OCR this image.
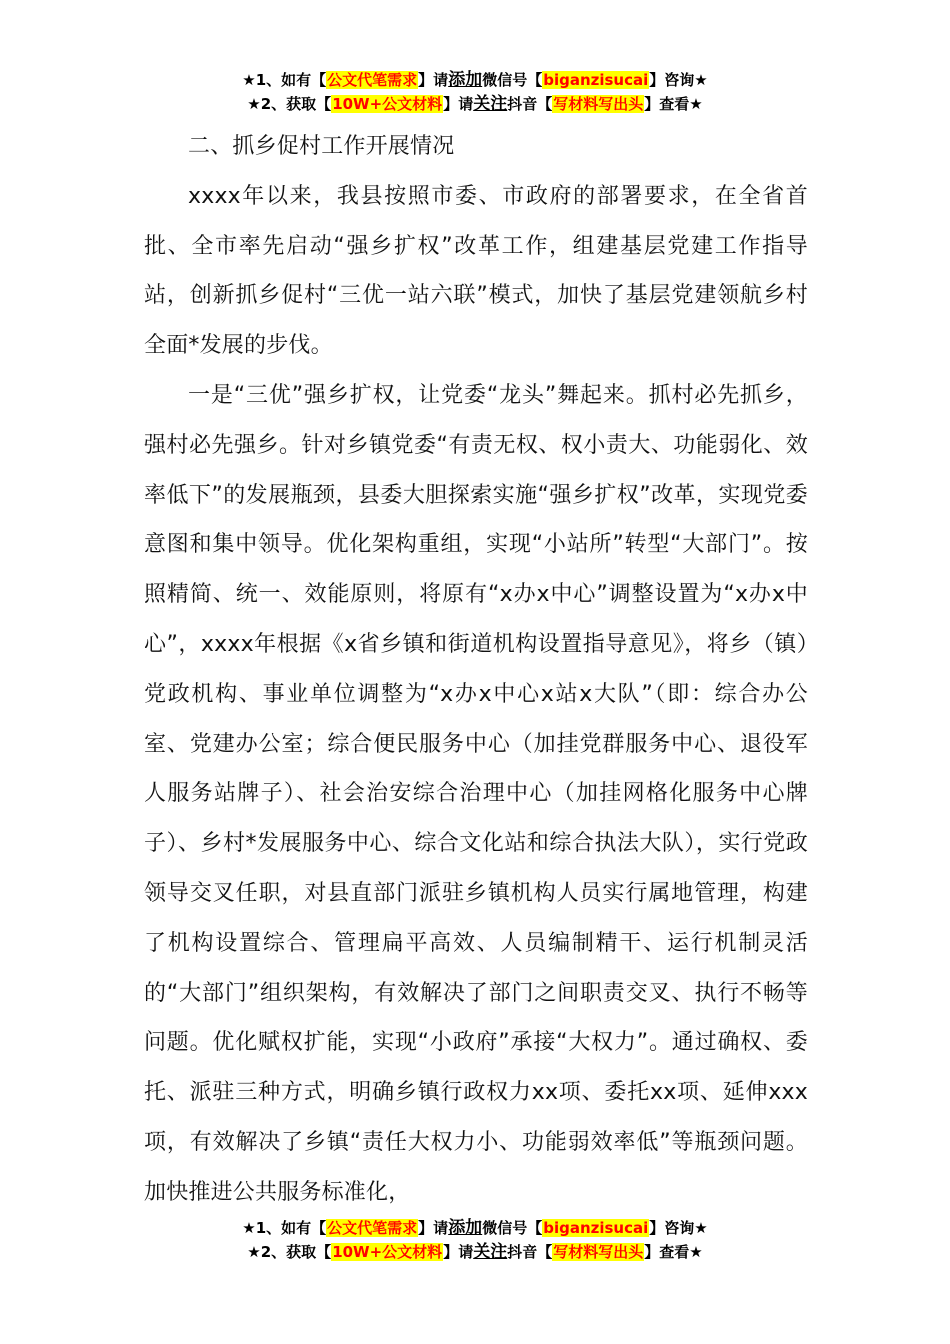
★1、如有【公文代笔需求】请添加微信号【biganzisucai】咨询★
★2、获取【10W+公文材料】请关注抖音【写材料写出头】查看★

二、抓乡促村工作开展情况

xxxx年以来，我县按照市委、市政府的部署要求，在全省首批、全市率先启动“强乡扩权”改革工作，组建基层党建工作指导站，创新抓乡促村“三优一站六联”模式，加快了基层党建领航乡村全面*发展的步伐。

一是“三优”强乡扩权，让党委“龙头”舞起来。抓村必先抓乡，强村必先强乡。针对乡镇党委“有责无权、权小责大、功能弱化、效率低下”的发展瓶颈，县委大胆探索实施“强乡扩权”改革，实现党委意图和集中领导。优化架构重组，实现“小站所”转型“大部门”。按照精简、统一、效能原则，将原有“x办x中心”调整设置为“x办x中心”，xxxx年根据《x省乡镇和街道机构设置指导意见》，将乡（镇）党政机构、事业单位调整为“x办x中心x站x大队”（即：综合办公室、党建办公室；综合便民服务中心（加挂党群服务中心、退役军人服务站牌子）、社会治安综合治理中心（加挂网格化服务中心牌子）、乡村*发展服务中心、综合文化站和综合执法大队），实行党政领导交叉任职，对县直部门派驻乡镇机构人员实行属地管理，构建了机构设置综合、管理扁平高效、人员编制精干、运行机制灵活的“大部门”组织架构，有效解决了部门之间职责交叉、执行不畅等问题。优化赋权扩能，实现“小政府”承接“大权力”。通过确权、委托、派驻三种方式，明确乡镇行政权力xx项、委托xx项、延伸xxx项，有效解决了乡镇“责任大权力小、功能弱效率低”等瓶颈问题。加快推进公共服务标准化，

★1、如有【公文代笔需求】请添加微信号【biganzisucai】咨询★
★2、获取【10W+公文材料】请关注抖音【写材料写出头】查看★
